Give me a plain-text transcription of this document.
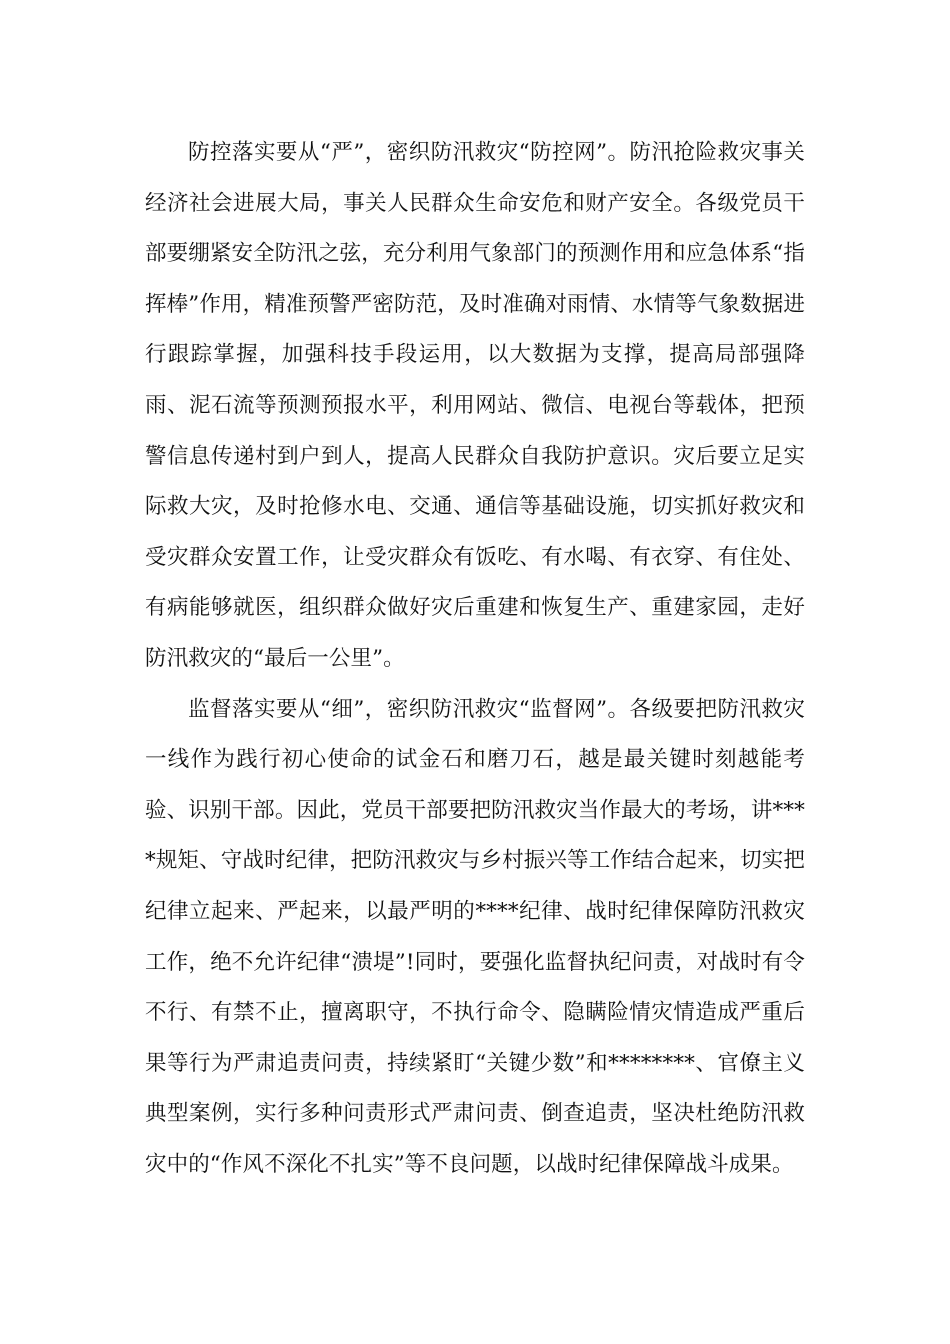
防控落实要从“严”，密织防汛救灾“防控网”。防汛抢险救灾事关经济社会进展大局，事关人民群众生命安危和财产安全。各级党员干部要绷紧安全防汛之弦，充分利用气象部门的预测作用和应急体系“指挥棒”作用，精准预警严密防范，及时准确对雨情、水情等气象数据进行跟踪掌握，加强科技手段运用，以大数据为支撑，提高局部强降雨、泥石流等预测预报水平，利用网站、微信、电视台等载体，把预警信息传递村到户到人，提高人民群众自我防护意识。灾后要立足实际救大灾，及时抢修水电、交通、通信等基础设施，切实抓好救灾和受灾群众安置工作，让受灾群众有饭吃、有水喝、有衣穿、有住处、有病能够就医，组织群众做好灾后重建和恢复生产、重建家园，走好防汛救灾的“最后一公里”。

监督落实要从“细”，密织防汛救灾“监督网”。各级要把防汛救灾一线作为践行初心使命的试金石和磨刀石，越是最关键时刻越能考验、识别干部。因此，党员干部要把防汛救灾当作最大的考场，讲****规矩、守战时纪律，把防汛救灾与乡村振兴等工作结合起来，切实把纪律立起来、严起来，以最严明的****纪律、战时纪律保障防汛救灾工作，绝不允许纪律“溃堤”!同时，要强化监督执纪问责，对战时有令不行、有禁不止，擅离职守，不执行命令、隐瞒险情灾情造成严重后果等行为严肃追责问责，持续紧盯“关键少数”和********、官僚主义典型案例，实行多种问责形式严肃问责、倒查追责，坚决杜绝防汛救灾中的“作风不深化不扎实”等不良问题，以战时纪律保障战斗成果。
